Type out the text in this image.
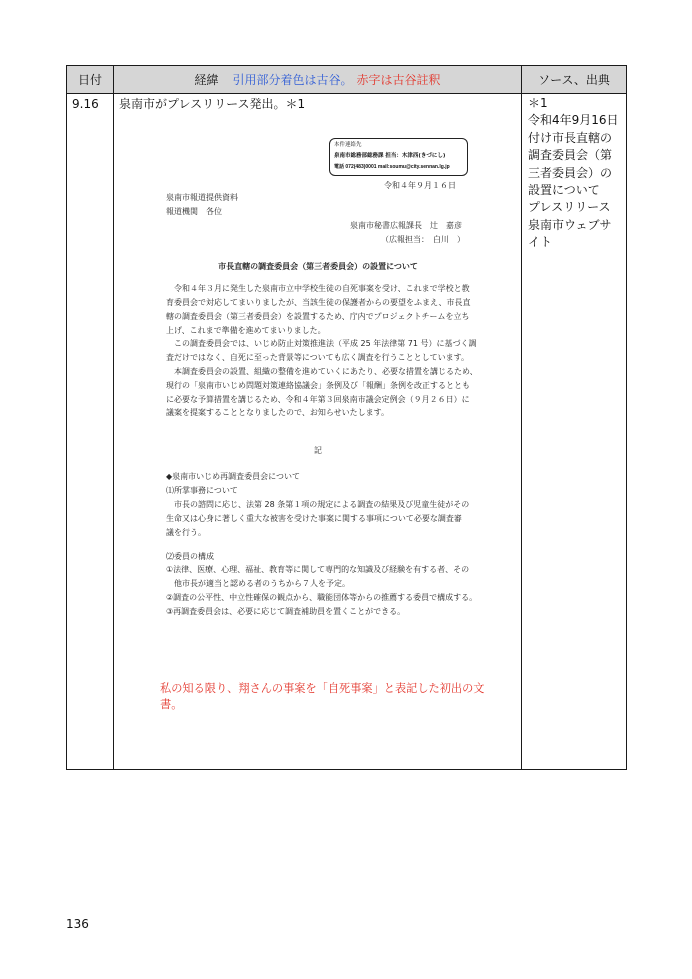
日付	経緯 引用部分着色は古谷。 赤字は古谷註釈	ソース、出典
9.16 泉南市がプレスリリース発出。＊1
本件連絡先
泉南市総務部総務課 担当：木津西(きづにし)
電話 072(483)0001 mail:soumu@city.sennan.lg.jp
令和４年９月１６日
泉南市報道提供資料
報道機関　各位
泉南市秘書広報課長　辻　嘉彦
（広報担当：　白川　）
市長直轄の調査委員会（第三者委員会）の設置について
令和４年３月に発生した泉南市立中学校生徒の自死事案を受け、これまで学校と教
育委員会で対応してまいりましたが、当該生徒の保護者からの要望をふまえ、市長直
轄の調査委員会（第三者委員会）を設置するため、庁内でプロジェクトチームを立ち
上げ、これまで準備を進めてまいりました。
この調査委員会では、いじめ防止対策推進法（平成 25 年法律第 71 号）に基づく調
査だけではなく、自死に至った背景等についても広く調査を行うこととしています。
本調査委員会の設置、組織の整備を進めていくにあたり、必要な措置を講じるため、
現行の「泉南市いじめ問題対策連絡協議会」条例及び「報酬」条例を改正するととも
に必要な予算措置を講じるため、令和４年第３回泉南市議会定例会（９月２６日）に
議案を提案することとなりましたので、お知らせいたします。
記
◆泉南市いじめ再調査委員会について
⑴所掌事務について
市長の諮問に応じ、法第 28 条第１項の規定による調査の結果及び児童生徒がその
生命又は心身に著しく重大な被害を受けた事案に関する事項について必要な調査審
議を行う。
⑵委員の構成
①法律、医療、心理、福祉、教育等に関して専門的な知識及び経験を有する者、その
他市長が適当と認める者のうちから７人を予定。
②調査の公平性、中立性確保の観点から、職能団体等からの推薦する委員で構成する。
③再調査委員会は、必要に応じて調査補助員を置くことができる。
私の知る限り、翔さんの事案を「自死事案」と表記した初出の文
書。
＊1
令和4年9月16日
付け市長直轄の
調査委員会（第
三者委員会）の
設置について
プレスリリース
泉南市ウェブサ
イト
136
